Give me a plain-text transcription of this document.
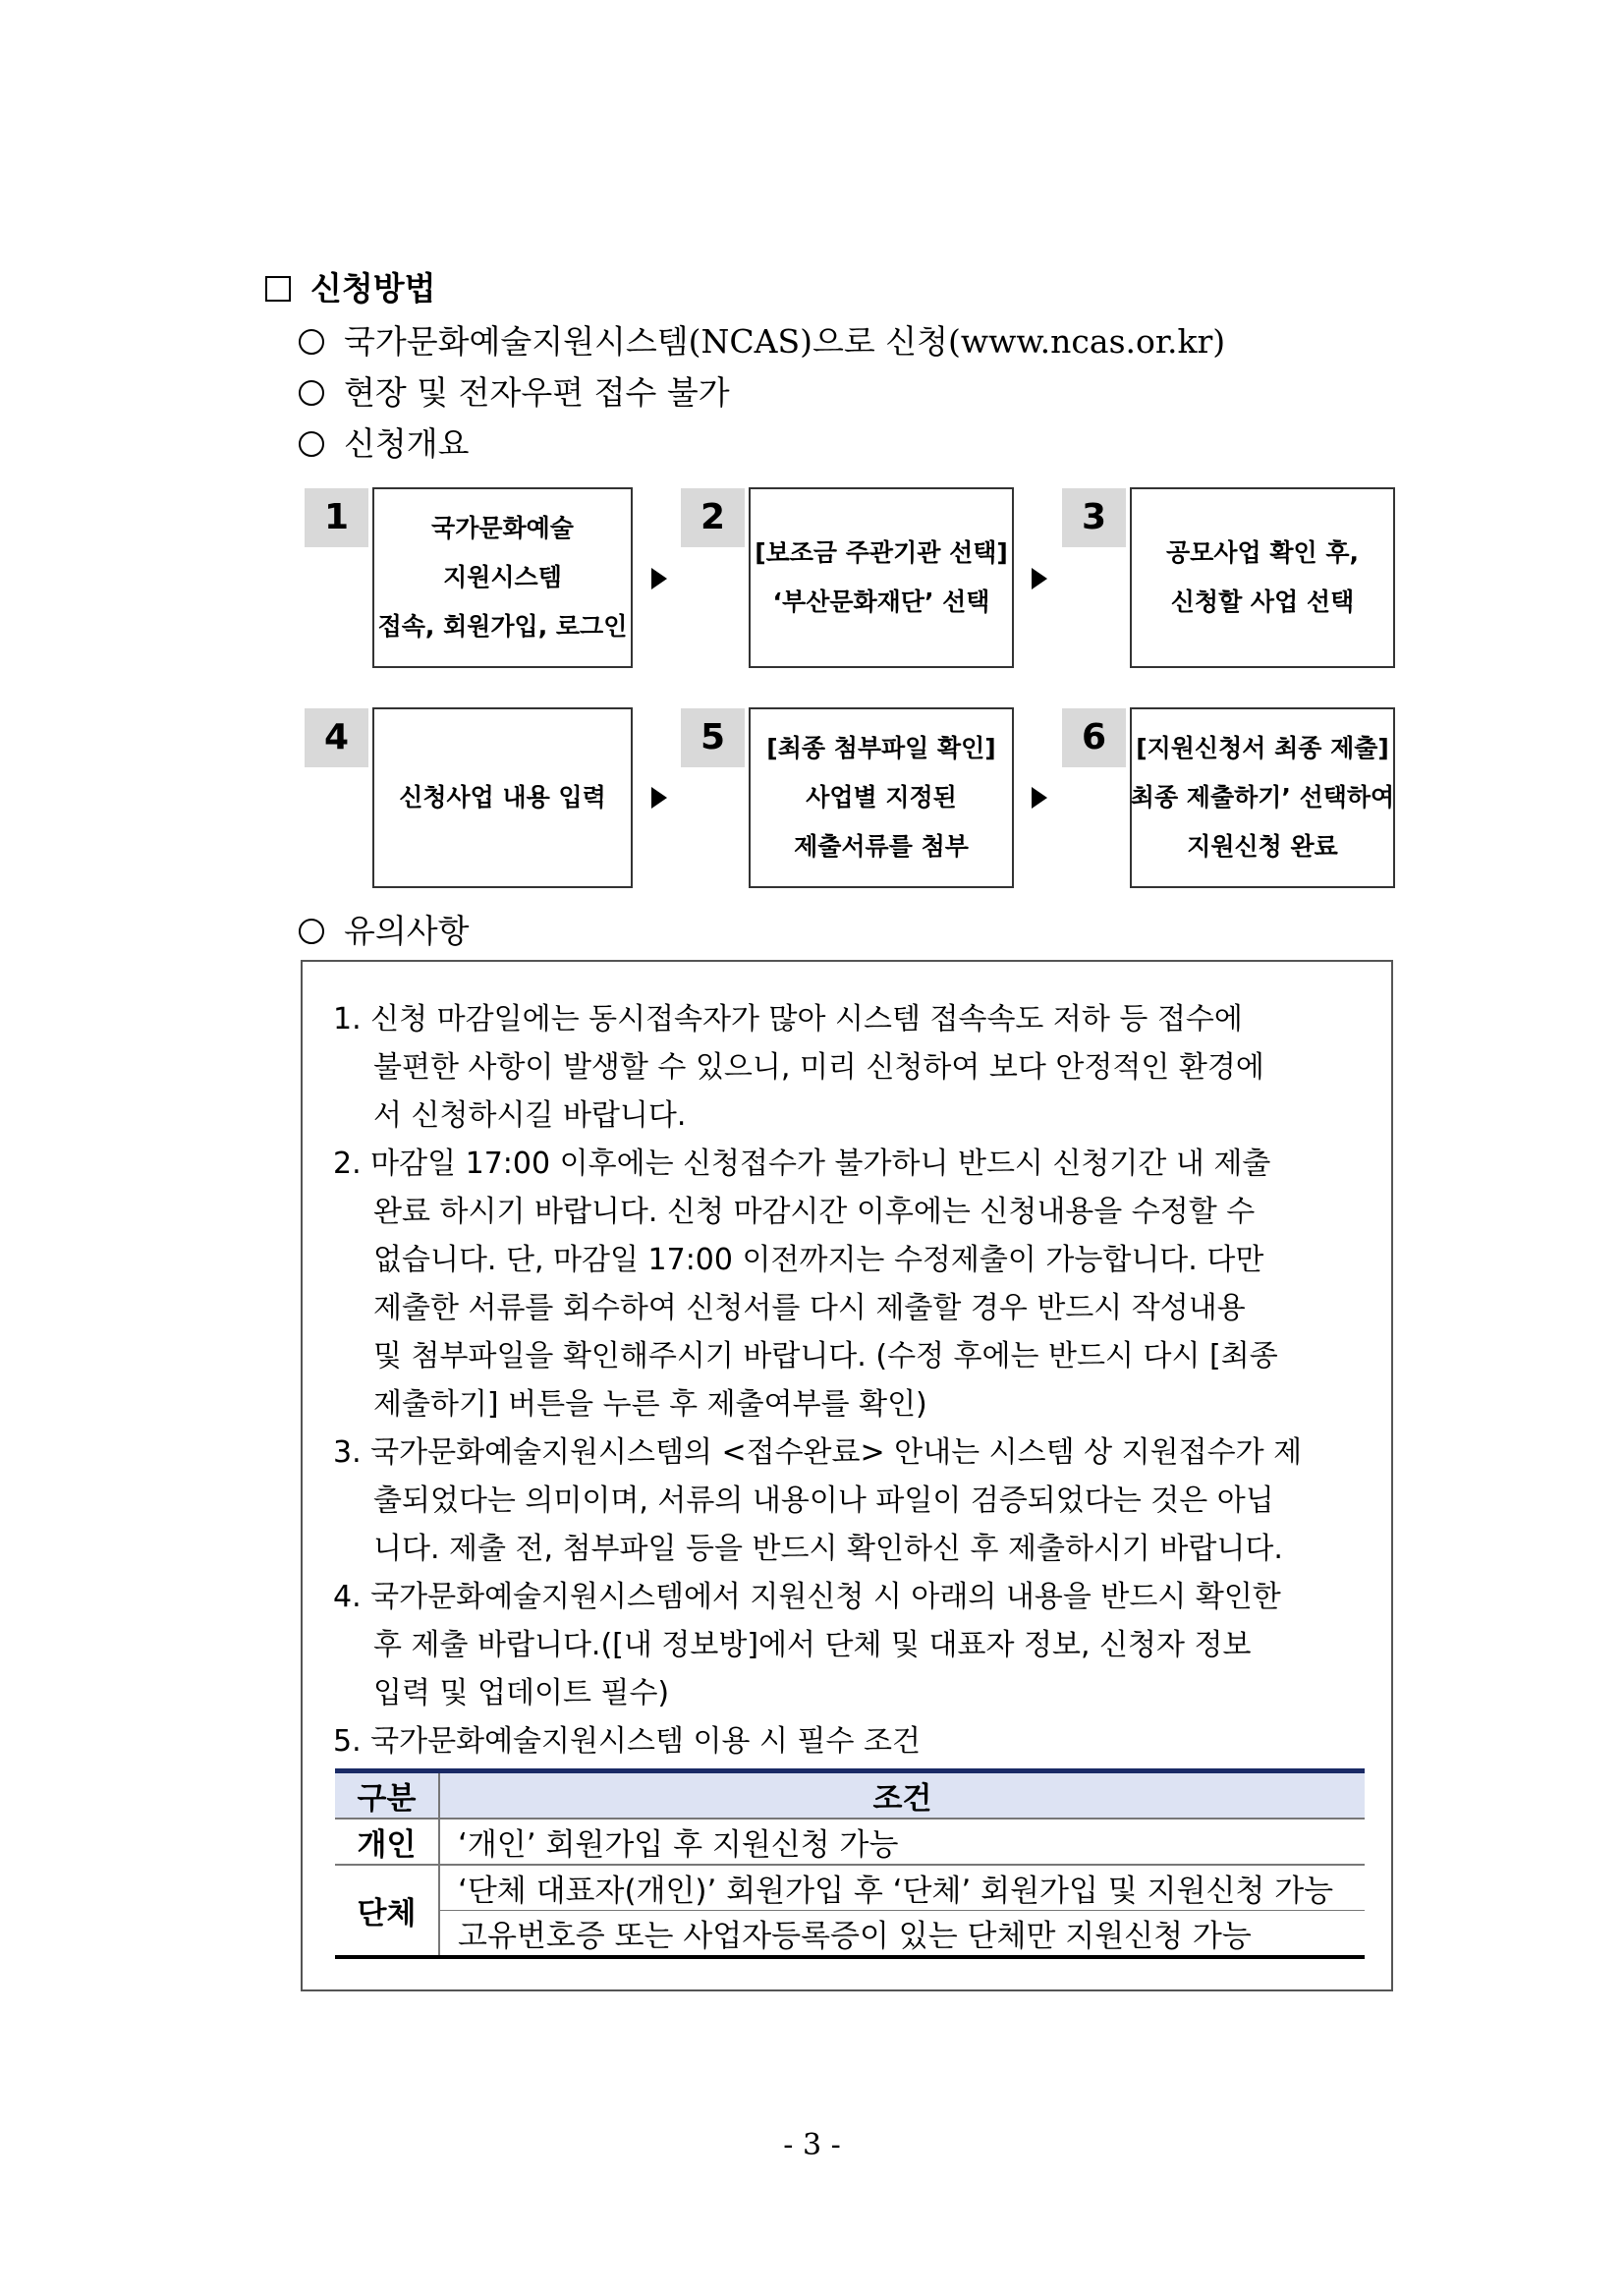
신청방법
국가문화예술지원시스템(NCAS)으로 신청(www.ncas.or.kr)
현장 및 전자우편 접수 불가
신청개요
1	국가문화예술
지원시스템
접속, 회원가입, 로그인
2
[보조금 주관기관 선택]
‘부산문화재단’ 선택
3
공모사업 확인 후,
신청할 사업 선택
4
신청사업 내용 입력
5	[최종 첨부파일 확인]
사업별 지정된
제출서류를 첨부
6	[지원신청서 최종 제출]
최종 제출하기’ 선택하여
지원신청 완료
유의사항
1. 신청 마감일에는 동시접속자가 많아 시스템 접속속도 저하 등 접수에
불편한 사항이 발생할 수 있으니, 미리 신청하여 보다 안정적인 환경에
서 신청하시길 바랍니다.
2. 마감일 17:00 이후에는 신청접수가 불가하니 반드시 신청기간 내 제출
완료 하시기 바랍니다. 신청 마감시간 이후에는 신청내용을 수정할 수
없습니다. 단, 마감일 17:00 이전까지는 수정제출이 가능합니다. 다만
제출한 서류를 회수하여 신청서를 다시 제출할 경우 반드시 작성내용
및 첨부파일을 확인해주시기 바랍니다. (수정 후에는 반드시 다시 [최종
제출하기] 버튼을 누른 후 제출여부를 확인)
3. 국가문화예술지원시스템의 <접수완료> 안내는 시스템 상 지원접수가 제
출되었다는 의미이며, 서류의 내용이나 파일이 검증되었다는 것은 아닙
니다. 제출 전, 첨부파일 등을 반드시 확인하신 후 제출하시기 바랍니다.
4. 국가문화예술지원시스템에서 지원신청 시 아래의 내용을 반드시 확인한
후 제출 바랍니다.([내 정보방]에서 단체 및 대표자 정보, 신청자 정보
입력 및 업데이트 필수)
5. 국가문화예술지원시스템 이용 시 필수 조건
구분	조건
개인	‘개인’ 회원가입 후 지원신청 가능
단체	‘단체 대표자(개인)’ 회원가입 후 ‘단체’ 회원가입 및 지원신청 가능
	고유번호증 또는 사업자등록증이 있는 단체만 지원신청 가능
- 3 -
